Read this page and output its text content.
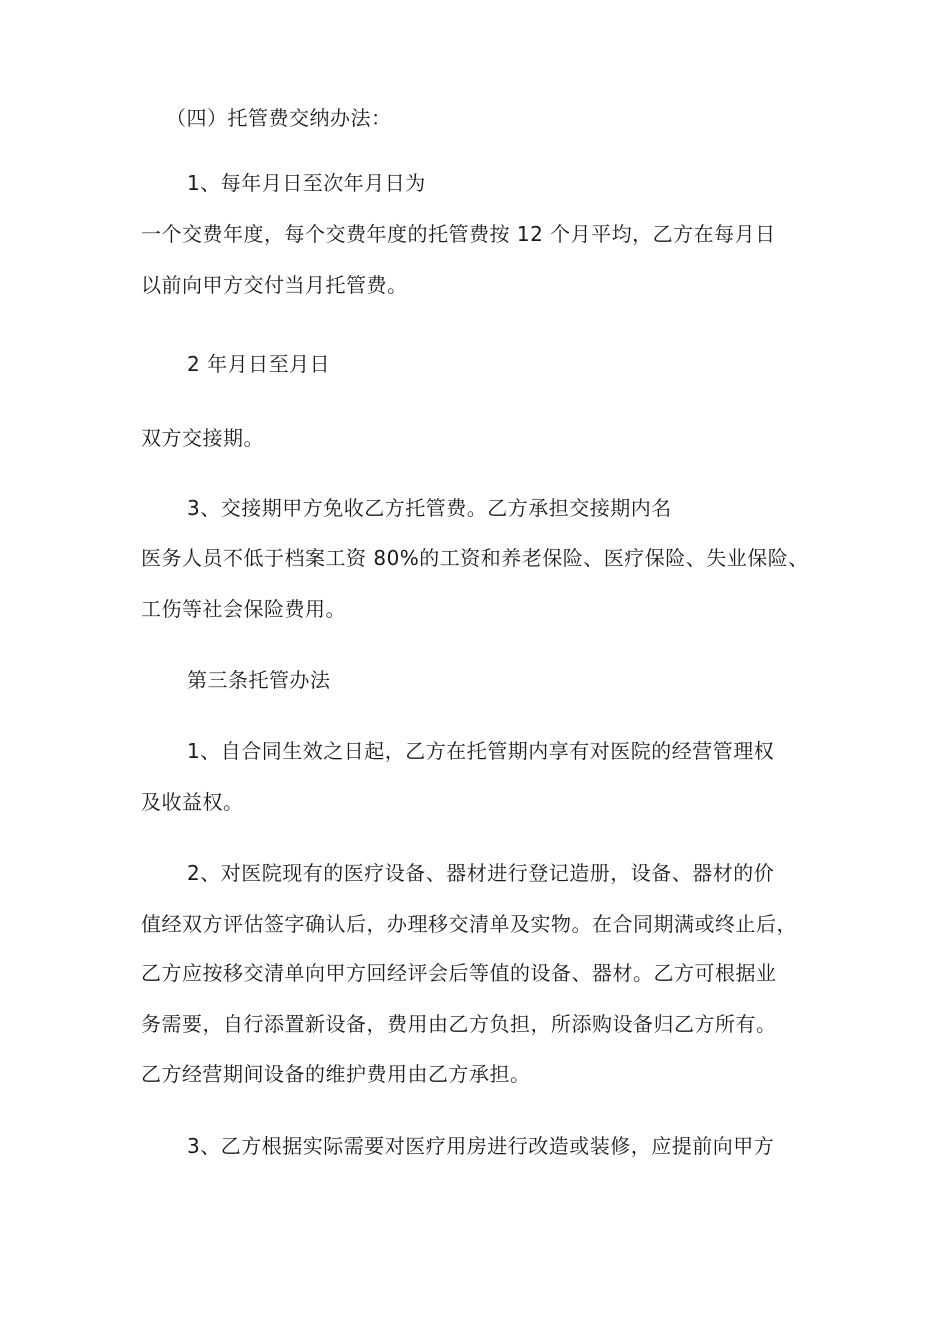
（四）托管费交纳办法：
1、每年月日至次年月日为
一个交费年度，每个交费年度的托管费按 12 个月平均，乙方在每月日
以前向甲方交付当月托管费。
2 年月日至月日
双方交接期。
3、交接期甲方免收乙方托管费。乙方承担交接期内名
医务人员不低于档案工资 80%的工资和养老保险、医疗保险、失业保险、
工伤等社会保险费用。
第三条托管办法
1、自合同生效之日起，乙方在托管期内享有对医院的经营管理权
及收益权。
2、对医院现有的医疗设备、器材进行登记造册，设备、器材的价
值经双方评估签字确认后，办理移交清单及实物。在合同期满或终止后，
乙方应按移交清单向甲方回经评会后等值的设备、器材。乙方可根据业
务需要，自行添置新设备，费用由乙方负担，所添购设备归乙方所有。
乙方经营期间设备的维护费用由乙方承担。
3、乙方根据实际需要对医疗用房进行改造或装修，应提前向甲方
